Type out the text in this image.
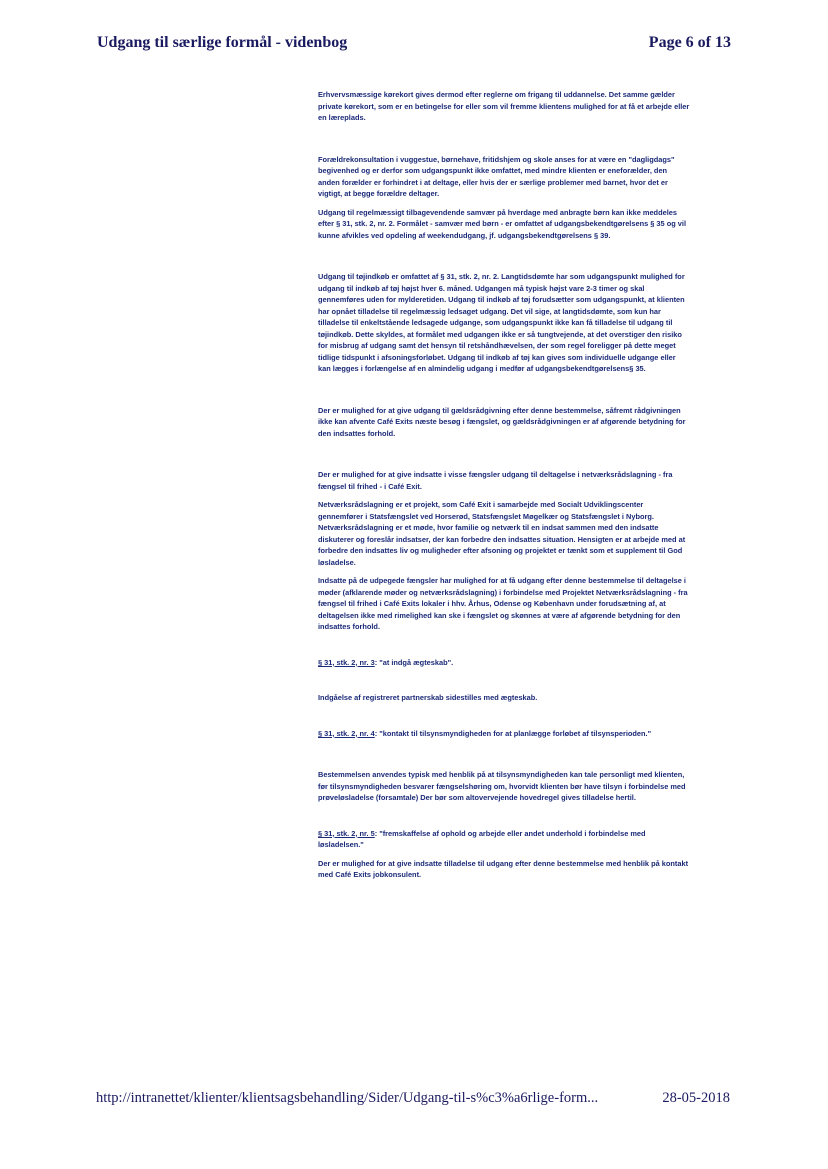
Udgang til særlige formål - videnbog	Page 6 of 13

Erhvervsmæssige kørekort gives dermod efter reglerne om frigang til uddannelse. Det samme gælder private kørekort, som er en betingelse for eller som vil fremme klientens mulighed for at få et arbejde eller en læreplads.

Forældrekonsultation i vuggestue, børnehave, fritidshjem og skole anses for at være en "dagligdags" begivenhed og er derfor som udgangspunkt ikke omfattet, med mindre klienten er eneforælder, den anden forælder er forhindret i at deltage, eller hvis der er særlige problemer med barnet, hvor det er vigtigt, at begge forældre deltager.

Udgang til regelmæssigt tilbagevendende samvær på hverdage med anbragte børn kan ikke meddeles efter § 31, stk. 2, nr. 2. Formålet - samvær med børn - er omfattet af udgangsbekendtgørelsens § 35 og vil kunne afvikles ved opdeling af weekendudgang, jf. udgangsbekendtgørelsens § 39.

Udgang til tøjindkøb er omfattet af § 31, stk. 2, nr. 2. Langtidsdømte har som udgangspunkt mulighed for udgang til indkøb af tøj højst hver 6. måned. Udgangen må typisk højst vare 2-3 timer og skal gennemføres uden for mylderetiden. Udgang til indkøb af tøj forudsætter som udgangspunkt, at klienten har opnået tilladelse til regelmæssig ledsaget udgang. Det vil sige, at langtidsdømte, som kun har tilladelse til enkeltstående ledsagede udgange, som udgangspunkt ikke kan få tilladelse til udgang til tøjindkøb. Dette skyldes, at formålet med udgangen ikke er så tungtvejende, at det overstiger den risiko for misbrug af udgang samt det hensyn til retshåndhævelsen, der som regel foreligger på dette meget tidlige tidspunkt i afsoningsforløbet. Udgang til indkøb af tøj kan gives som individuelle udgange eller kan lægges i forlængelse af en almindelig udgang i medfør af udgangsbekendtgørelsens§ 35.

Der er mulighed for at give udgang til gældsrådgivning efter denne bestemmelse, såfremt rådgivningen ikke kan afvente Café Exits næste besøg i fængslet, og gældsrådgivningen er af afgørende betydning for den indsattes forhold.

Der er mulighed for at give indsatte i visse fængsler udgang til deltagelse i netværksrådslagning - fra fængsel til frihed - i Café Exit.

Netværksrådslagning er et projekt, som Café Exit i samarbejde med Socialt Udviklingscenter gennemfører i Statsfængslet ved Horserød, Statsfængslet Møgelkær og Statsfængslet i Nyborg. Netværksrådslagning er et møde, hvor familie og netværk til en indsat sammen med den indsatte diskuterer og foreslår indsatser, der kan forbedre den indsattes situation. Hensigten er at arbejde med at forbedre den indsattes liv og muligheder efter afsoning og projektet er tænkt som et supplement til God løsladelse.

Indsatte på de udpegede fængsler har mulighed for at få udgang efter denne bestemmelse til deltagelse i møder (afklarende møder og netværksrådslagning) i forbindelse med Projektet Netværksrådslagning - fra fængsel til frihed i Café Exits lokaler i hhv. Århus, Odense og København under forudsætning af, at deltagelsen ikke med rimelighed kan ske i fængslet og skønnes at være af afgørende betydning for den indsattes forhold.

§ 31, stk. 2, nr. 3: "at indgå ægteskab".

Indgåelse af registreret partnerskab sidestilles med ægteskab.

§ 31, stk. 2, nr. 4: "kontakt til tilsynsmyndigheden for at planlægge forløbet af tilsynsperioden."

Bestemmelsen anvendes typisk med henblik på at tilsynsmyndigheden kan tale personligt med klienten, før tilsynsmyndigheden besvarer fængselshøring om, hvorvidt klienten bør have tilsyn i forbindelse med prøveløsladelse (forsamtale) Der bør som altovervejende hovedregel gives tilladelse hertil.

§ 31, stk. 2, nr. 5: "fremskaffelse af ophold og arbejde eller andet underhold i forbindelse med løsladelsen."

Der er mulighed for at give indsatte tilladelse til udgang efter denne bestemmelse med henblik på kontakt med Café Exits jobkonsulent.

http://intranettet/klienter/klientsagsbehandling/Sider/Udgang-til-s%c3%a6rlige-form...	28-05-2018
